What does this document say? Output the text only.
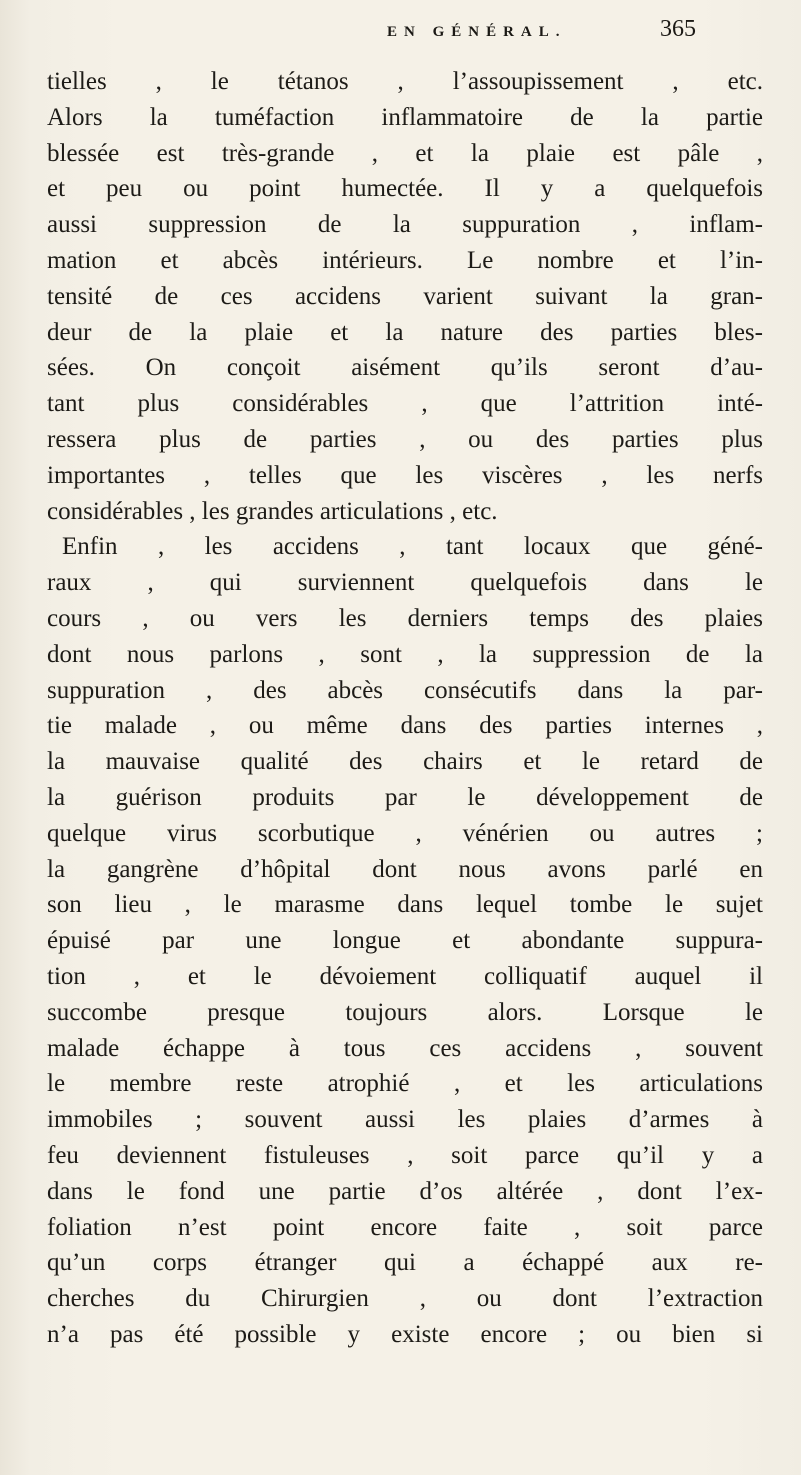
EN GÉNÉRAL.	365
tielles , le tétanos , l’assoupissement , etc.
Alors la tuméfaction inflammatoire de la partie
blessée est très-grande , et la plaie est pâle ,
et peu ou point humectée. Il y a quelquefois
aussi suppression de la suppuration , inflam-
mation et abcès intérieurs. Le nombre et l’in-
tensité de ces accidens varient suivant la gran-
deur de la plaie et la nature des parties bles-
sées. On conçoit aisément qu’ils seront d’au-
tant plus considérables , que l’attrition inté-
ressera plus de parties , ou des parties plus
importantes , telles que les viscères , les nerfs
considérables , les grandes articulations , etc.
Enfin , les accidens , tant locaux que géné-
raux , qui surviennent quelquefois dans le
cours , ou vers les derniers temps des plaies
dont nous parlons , sont , la suppression de la
suppuration , des abcès consécutifs dans la par-
tie malade , ou même dans des parties internes ,
la mauvaise qualité des chairs et le retard de
la guérison produits par le développement de
quelque virus scorbutique , vénérien ou autres ;
la gangrène d’hôpital dont nous avons parlé en
son lieu , le marasme dans lequel tombe le sujet
épuisé par une longue et abondante suppura-
tion , et le dévoiement colliquatif auquel il
succombe presque toujours alors. Lorsque le
malade échappe à tous ces accidens , souvent
le membre reste atrophié , et les articulations
immobiles ; souvent aussi les plaies d’armes à
feu deviennent fistuleuses , soit parce qu’il y a
dans le fond une partie d’os altérée , dont l’ex-
foliation n’est point encore faite , soit parce
qu’un corps étranger qui a échappé aux re-
cherches du Chirurgien , ou dont l’extraction
n’a pas été possible y existe encore ; ou bien si
